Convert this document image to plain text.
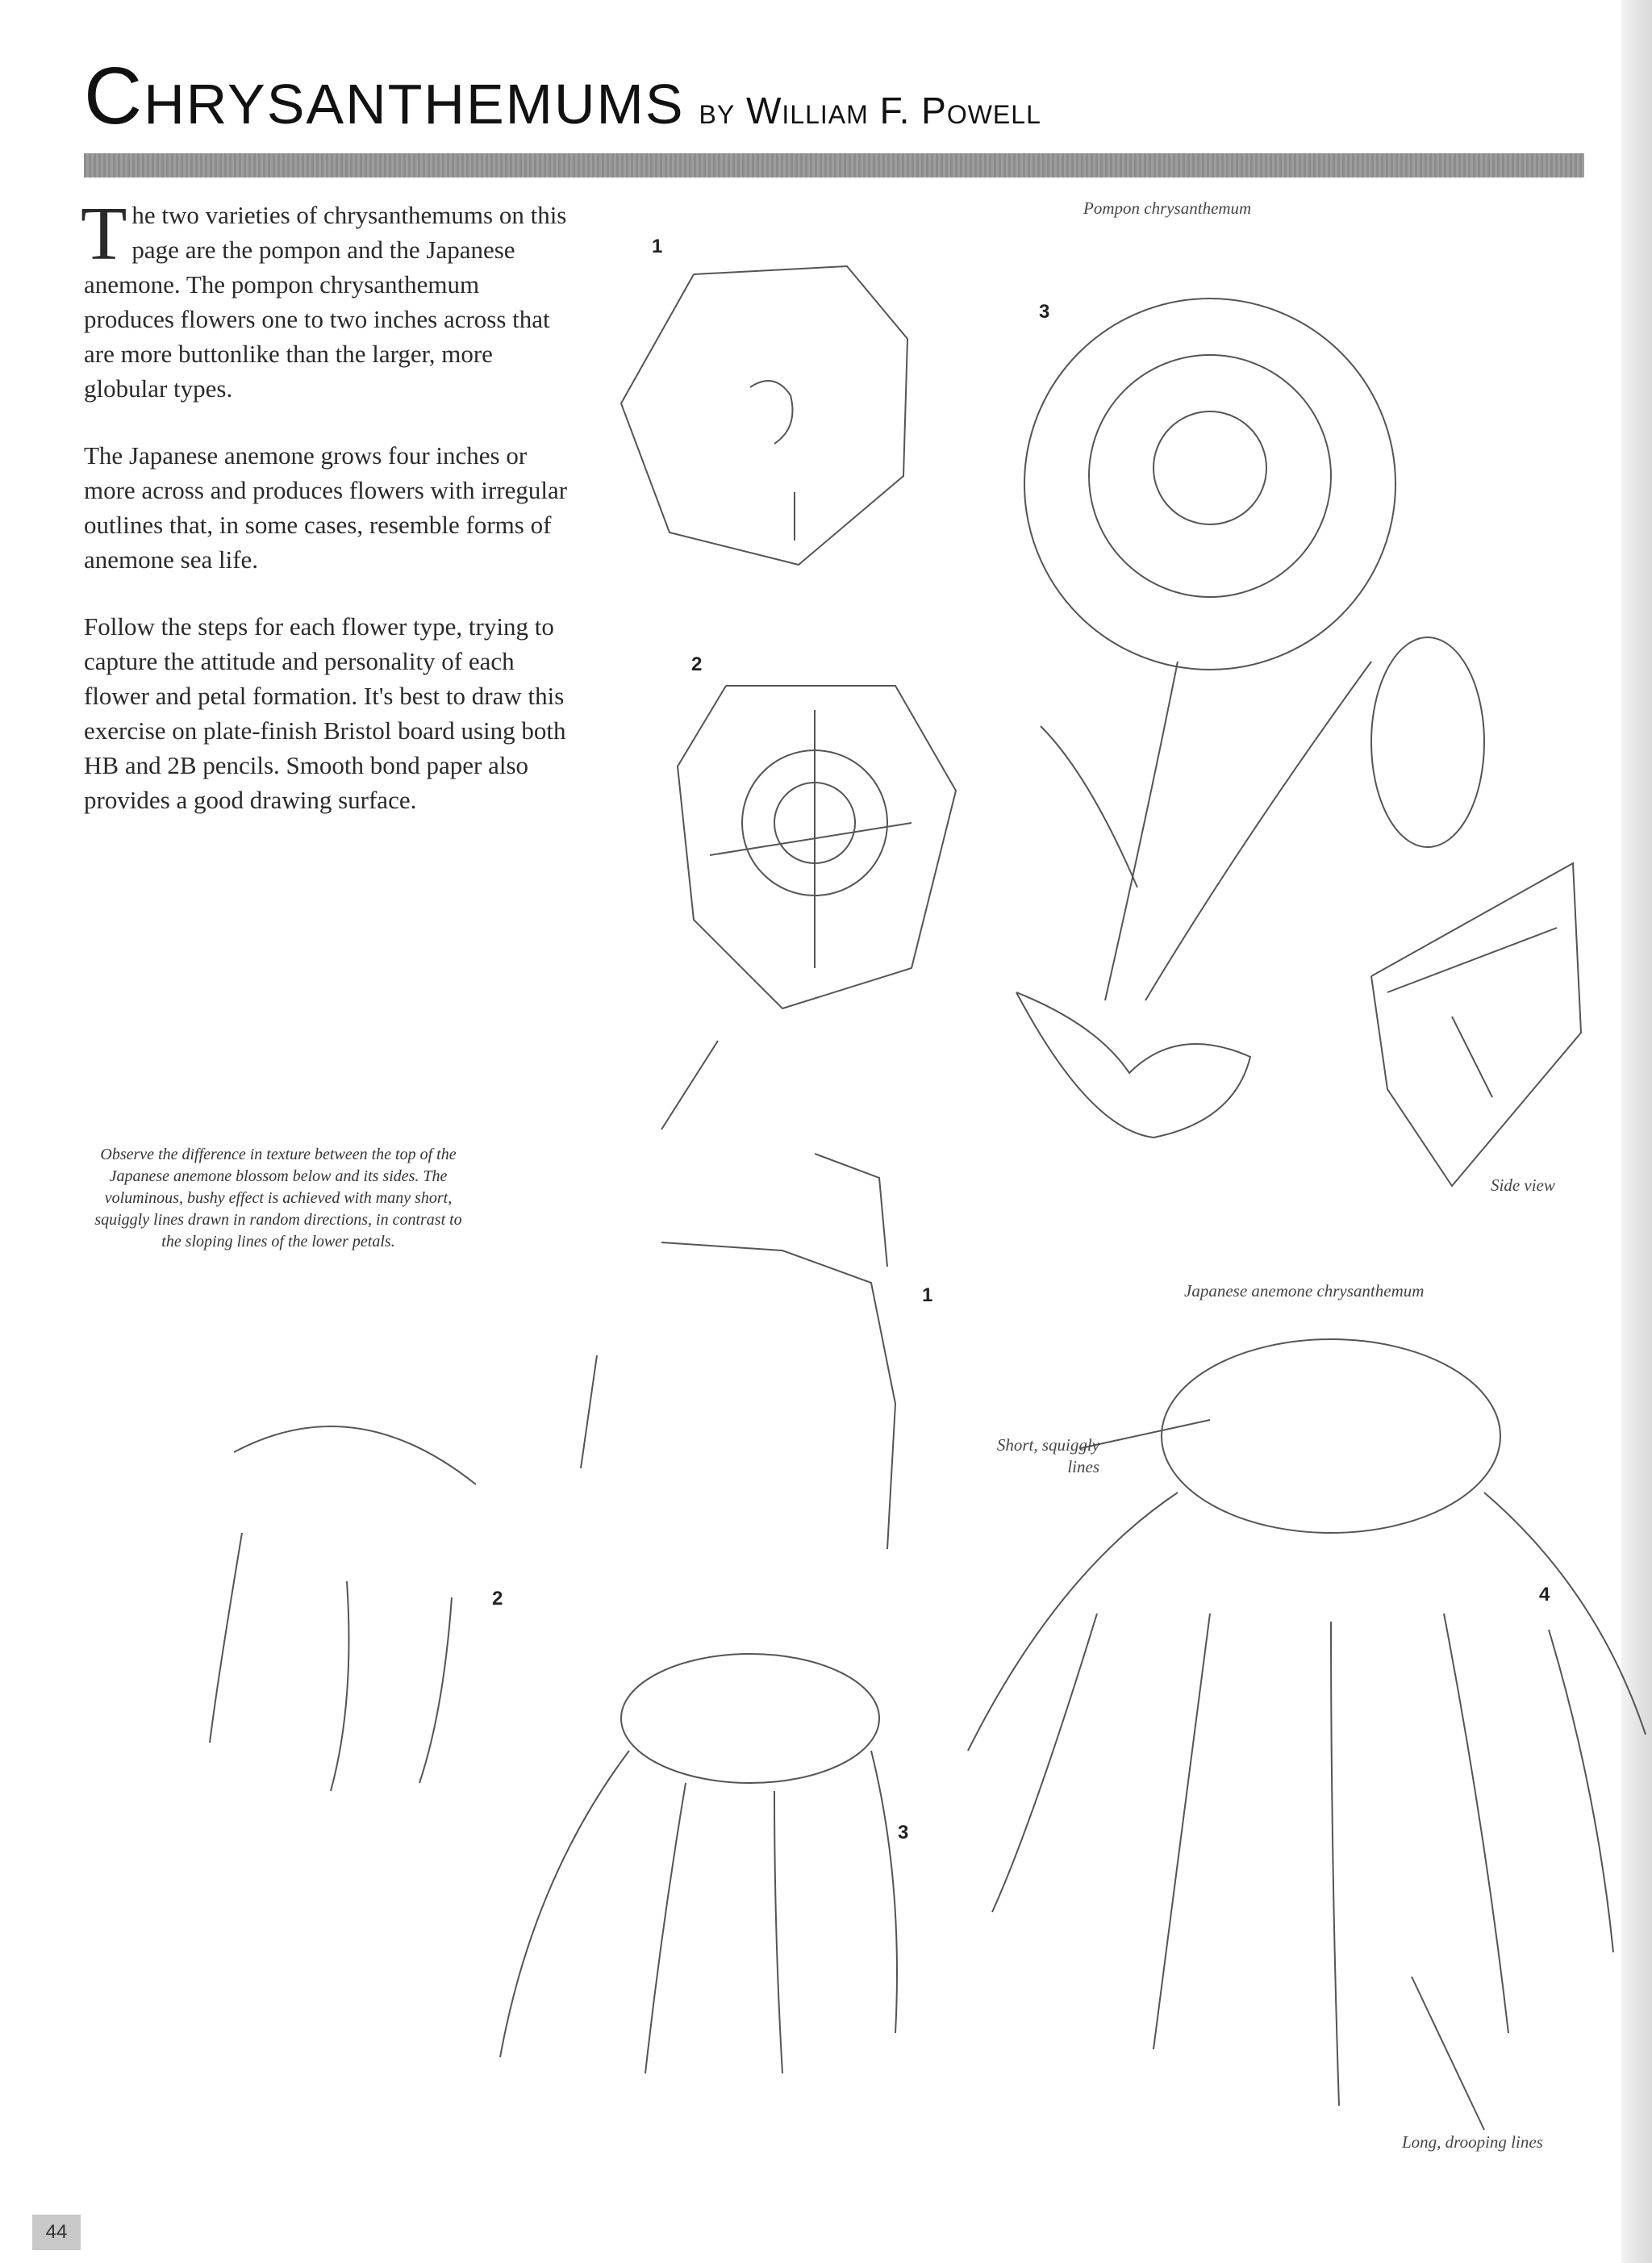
Chrysanthemums by William F. Powell

The two varieties of chrysanthemums on this page are the pompon and the Japanese anemone. The pompon chrysanthemum produces flowers one to two inches across that are more buttonlike than the larger, more globular types.

The Japanese anemone grows four inches or more across and produces flowers with irregular outlines that, in some cases, resemble forms of anemone sea life.

Follow the steps for each flower type, trying to capture the attitude and personality of each flower and petal formation. It's best to draw this exercise on plate-finish Bristol board using both HB and 2B pencils. Smooth bond paper also provides a good drawing surface.

Observe the difference in texture between the top of the Japanese anemone blossom below and its sides. The voluminous, bushy effect is achieved with many short, squiggly lines drawn in random directions, in contrast to the sloping lines of the lower petals.
1
2
3
1
2
3
4
Pompon chrysanthemum
Side view
Japanese anemone chrysanthemum
Short, squiggly lines
Long, drooping lines
44
